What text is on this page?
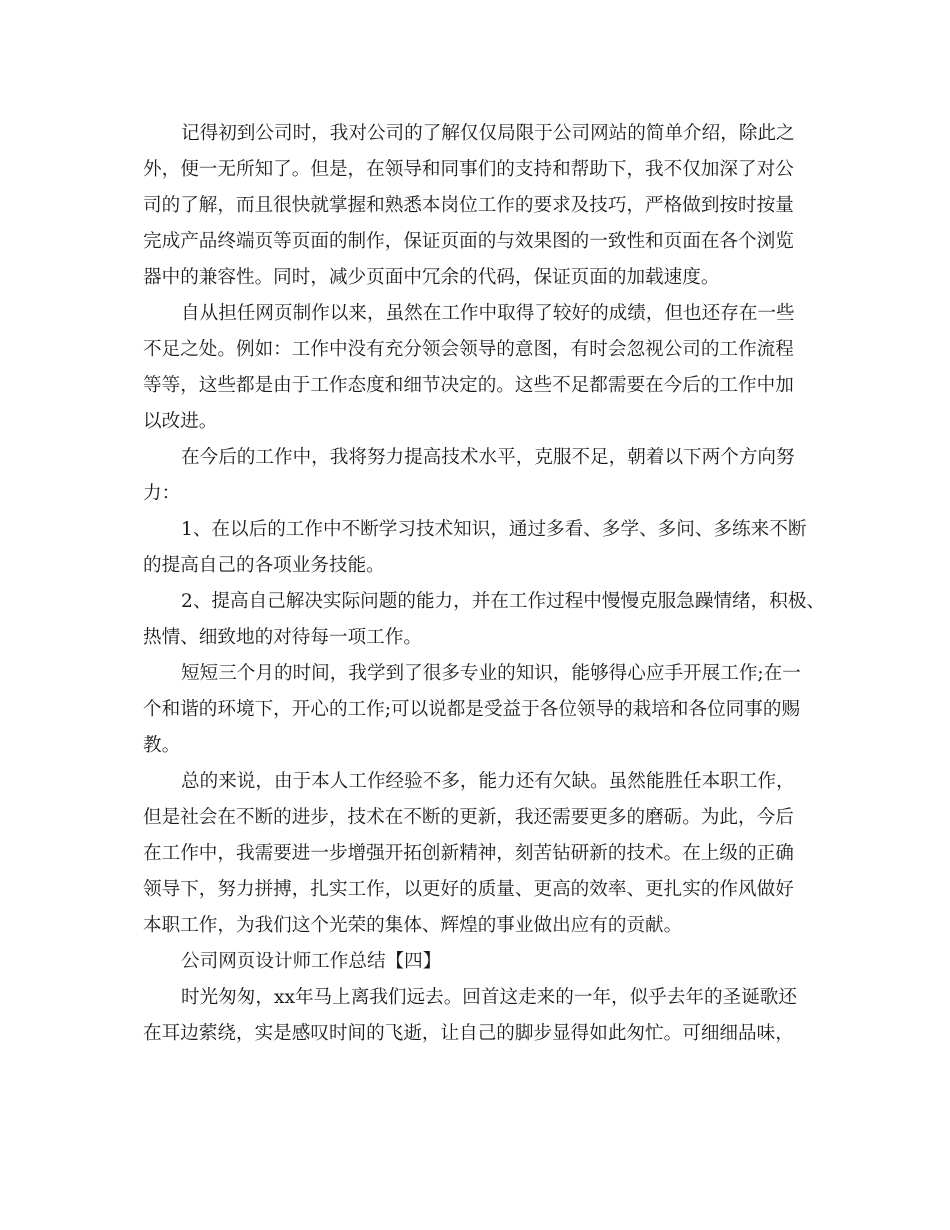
记得初到公司时，我对公司的了解仅仅局限于公司网站的简单介绍，除此之
外，便一无所知了。但是，在领导和同事们的支持和帮助下，我不仅加深了对公
司的了解，而且很快就掌握和熟悉本岗位工作的要求及技巧，严格做到按时按量
完成产品终端页等页面的制作，保证页面的与效果图的一致性和页面在各个浏览
器中的兼容性。同时，减少页面中冗余的代码，保证页面的加载速度。
自从担任网页制作以来，虽然在工作中取得了较好的成绩，但也还存在一些
不足之处。例如：工作中没有充分领会领导的意图，有时会忽视公司的工作流程
等等，这些都是由于工作态度和细节决定的。这些不足都需要在今后的工作中加
以改进。
在今后的工作中，我将努力提高技术水平，克服不足，朝着以下两个方向努
力：
1、在以后的工作中不断学习技术知识，通过多看、多学、多问、多练来不断
的提高自己的各项业务技能。
2、提高自己解决实际问题的能力，并在工作过程中慢慢克服急躁情绪，积极、
热情、细致地的对待每一项工作。
短短三个月的时间，我学到了很多专业的知识，能够得心应手开展工作;在一
个和谐的环境下，开心的工作;可以说都是受益于各位领导的栽培和各位同事的赐
教。
总的来说，由于本人工作经验不多，能力还有欠缺。虽然能胜任本职工作，
但是社会在不断的进步，技术在不断的更新，我还需要更多的磨砺。为此，今后
在工作中，我需要进一步增强开拓创新精神，刻苦钻研新的技术。在上级的正确
领导下，努力拼搏，扎实工作，以更好的质量、更高的效率、更扎实的作风做好
本职工作，为我们这个光荣的集体、辉煌的事业做出应有的贡献。
公司网页设计师工作总结【四】
时光匆匆，xx年马上离我们远去。回首这走来的一年，似乎去年的圣诞歌还
在耳边萦绕，实是感叹时间的飞逝，让自己的脚步显得如此匆忙。可细细品味，
